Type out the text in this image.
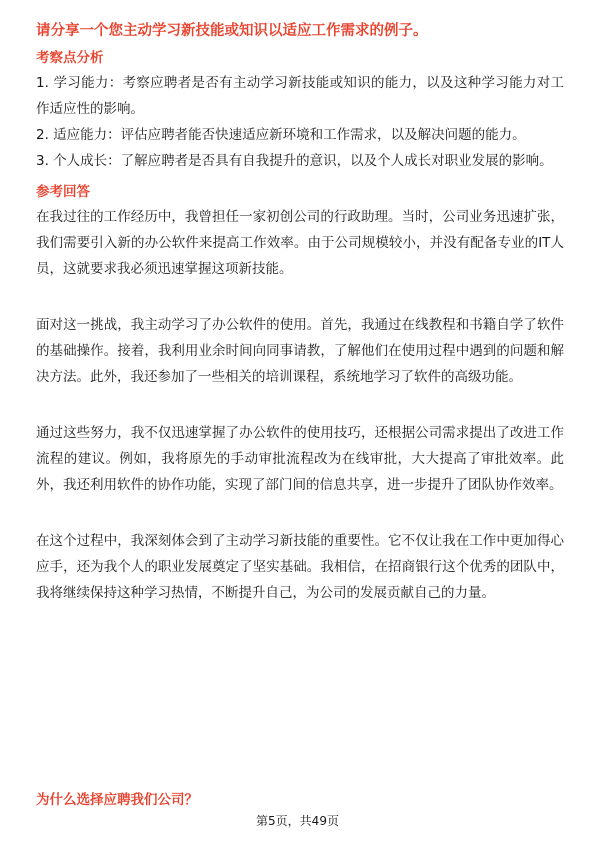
请分享一个您主动学习新技能或知识以适应工作需求的例子。
考察点分析
1. 学习能力：考察应聘者是否有主动学习新技能或知识的能力，以及这种学习能力对工作适应性的影响。
2. 适应能力：评估应聘者能否快速适应新环境和工作需求，以及解决问题的能力。
3. 个人成长：了解应聘者是否具有自我提升的意识，以及个人成长对职业发展的影响。
参考回答

在我过往的工作经历中，我曾担任一家初创公司的行政助理。当时，公司业务迅速扩张，我们需要引入新的办公软件来提高工作效率。由于公司规模较小，并没有配备专业的IT人员，这就要求我必须迅速掌握这项新技能。

面对这一挑战，我主动学习了办公软件的使用。首先，我通过在线教程和书籍自学了软件的基础操作。接着，我利用业余时间向同事请教，了解他们在使用过程中遇到的问题和解决方法。此外，我还参加了一些相关的培训课程，系统地学习了软件的高级功能。

通过这些努力，我不仅迅速掌握了办公软件的使用技巧，还根据公司需求提出了改进工作流程的建议。例如，我将原先的手动审批流程改为在线审批，大大提高了审批效率。此外，我还利用软件的协作功能，实现了部门间的信息共享，进一步提升了团队协作效率。

在这个过程中，我深刻体会到了主动学习新技能的重要性。它不仅让我在工作中更加得心应手，还为我个人的职业发展奠定了坚实基础。我相信，在招商银行这个优秀的团队中，我将继续保持这种学习热情，不断提升自己，为公司的发展贡献自己的力量。

为什么选择应聘我们公司？
第5页，共49页
